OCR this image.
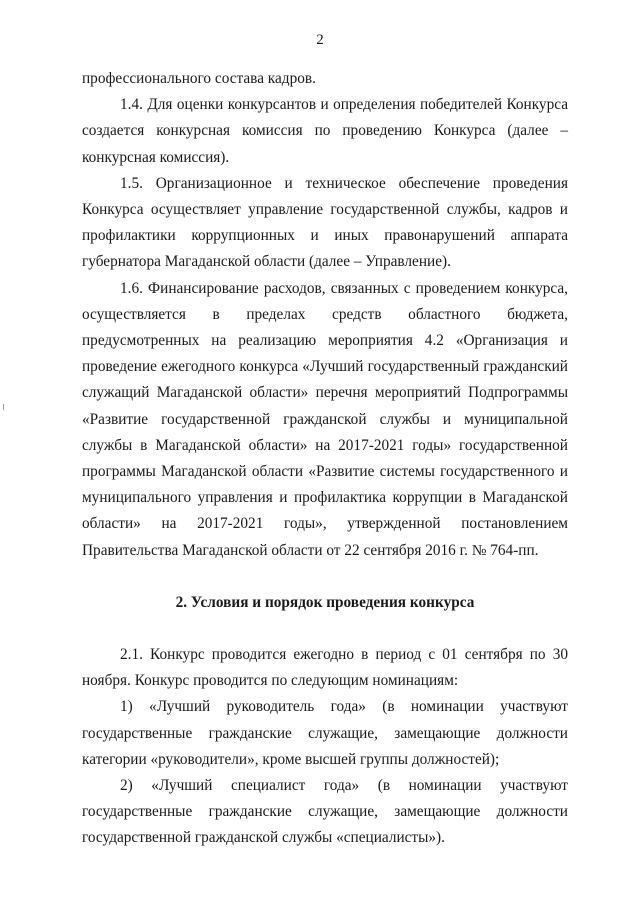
2

профессионального состава кадров.

1.4. Для оценки конкурсантов и определения победителей Конкурса создается конкурсная комиссия по проведению Конкурса (далее – конкурсная комиссия).

1.5. Организационное и техническое обеспечение проведения Конкурса осуществляет управление государственной службы, кадров и профилактики коррупционных и иных правонарушений аппарата губернатора Магаданской области (далее – Управление).

1.6. Финансирование расходов, связанных с проведением конкурса, осуществляется в пределах средств областного бюджета, предусмотренных на реализацию мероприятия 4.2 «Организация и проведение ежегодного конкурса «Лучший государственный гражданский служащий Магаданской области» перечня мероприятий Подпрограммы «Развитие государственной гражданской службы и муниципальной службы в Магаданской области» на 2017-2021 годы» государственной программы Магаданской области «Развитие системы государственного и муниципального управления и профилактика коррупции в Магаданской области» на 2017-2021 годы», утвержденной постановлением Правительства Магаданской области от 22 сентября 2016 г. № 764-пп.

2. Условия и порядок проведения конкурса

2.1. Конкурс проводится ежегодно в период с 01 сентября по 30 ноября. Конкурс проводится по следующим номинациям:

1) «Лучший руководитель года» (в номинации участвуют государственные гражданские служащие, замещающие должности категории «руководители», кроме высшей группы должностей);

2) «Лучший специалист года» (в номинации участвуют государственные гражданские служащие, замещающие должности государственной гражданской службы «специалисты»).
